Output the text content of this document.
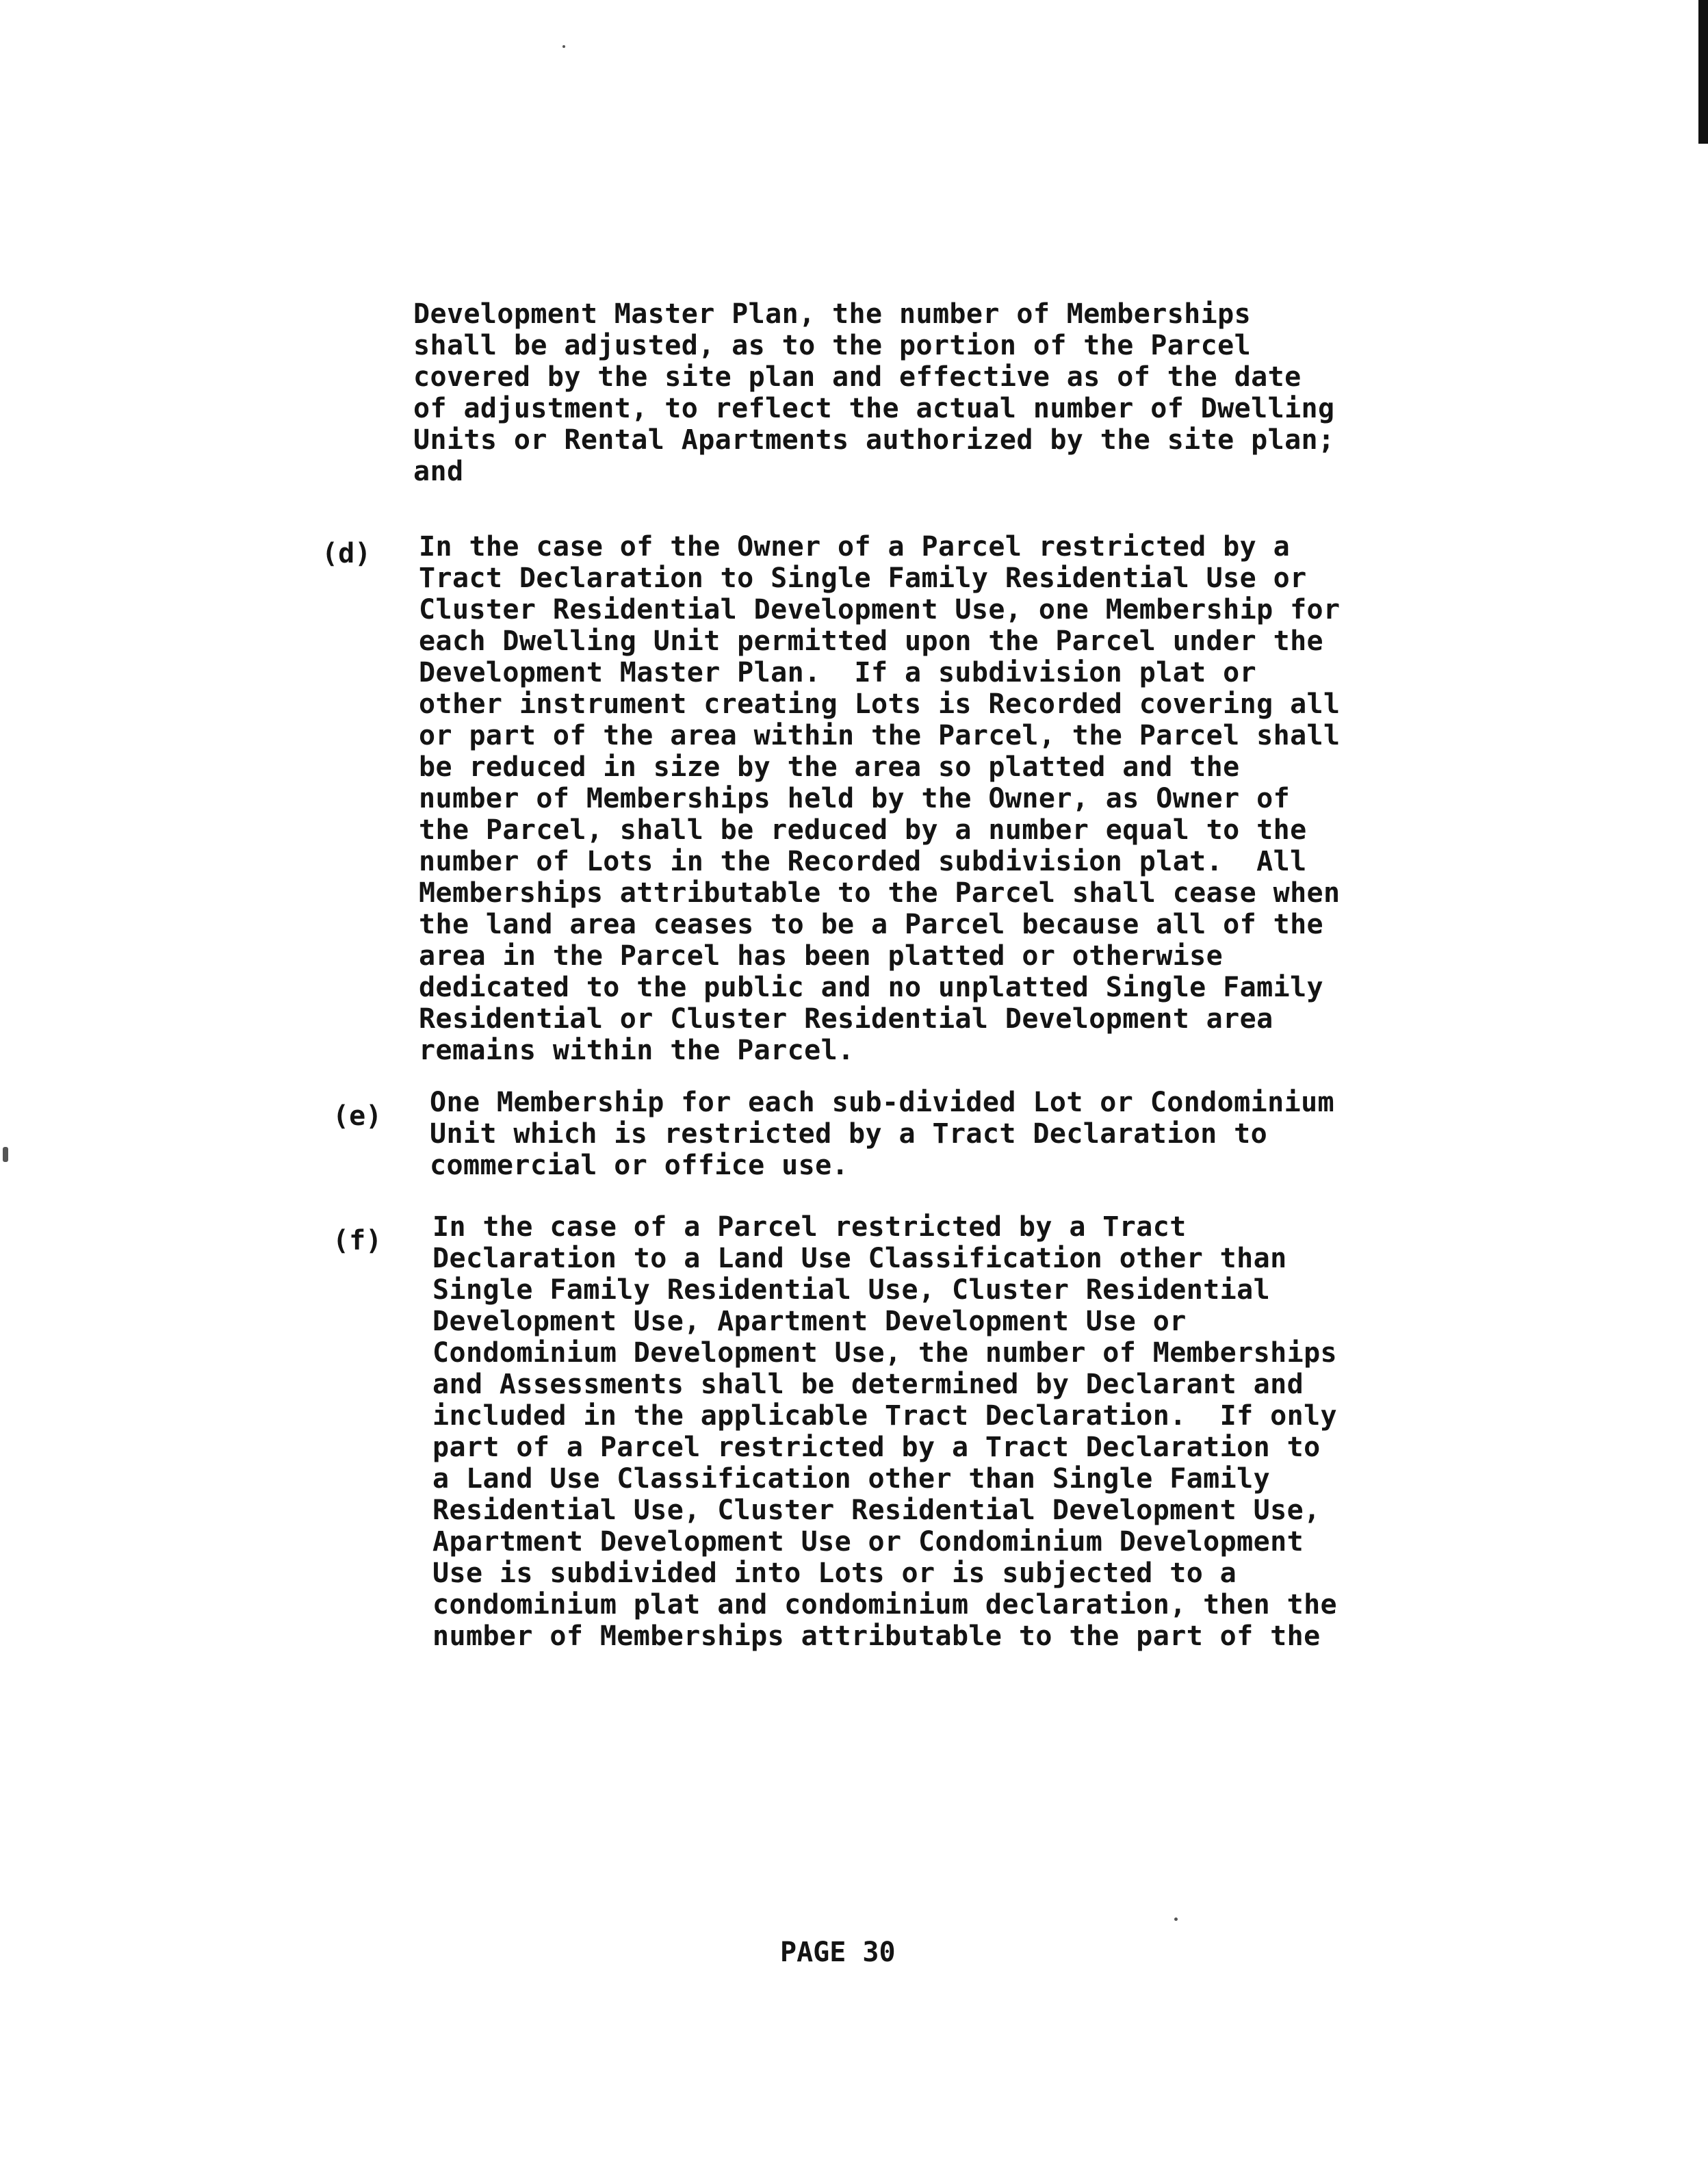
Development Master Plan, the number of Memberships
shall be adjusted, as to the portion of the Parcel
covered by the site plan and effective as of the date
of adjustment, to reflect the actual number of Dwelling
Units or Rental Apartments authorized by the site plan;
and
(d) In the case of the Owner of a Parcel restricted by a
Tract Declaration to Single Family Residential Use or
Cluster Residential Development Use, one Membership for
each Dwelling Unit permitted upon the Parcel under the
Development Master Plan.  If a subdivision plat or
other instrument creating Lots is Recorded covering all
or part of the area within the Parcel, the Parcel shall
be reduced in size by the area so platted and the
number of Memberships held by the Owner, as Owner of
the Parcel, shall be reduced by a number equal to the
number of Lots in the Recorded subdivision plat.  All
Memberships attributable to the Parcel shall cease when
the land area ceases to be a Parcel because all of the
area in the Parcel has been platted or otherwise
dedicated to the public and no unplatted Single Family
Residential or Cluster Residential Development area
remains within the Parcel.
(e) One Membership for each sub-divided Lot or Condominium
Unit which is restricted by a Tract Declaration to
commercial or office use.
(f) In the case of a Parcel restricted by a Tract
Declaration to a Land Use Classification other than
Single Family Residential Use, Cluster Residential
Development Use, Apartment Development Use or
Condominium Development Use, the number of Memberships
and Assessments shall be determined by Declarant and
included in the applicable Tract Declaration.  If only
part of a Parcel restricted by a Tract Declaration to
a Land Use Classification other than Single Family
Residential Use, Cluster Residential Development Use,
Apartment Development Use or Condominium Development
Use is subdivided into Lots or is subjected to a
condominium plat and condominium declaration, then the
number of Memberships attributable to the part of the
PAGE 30
